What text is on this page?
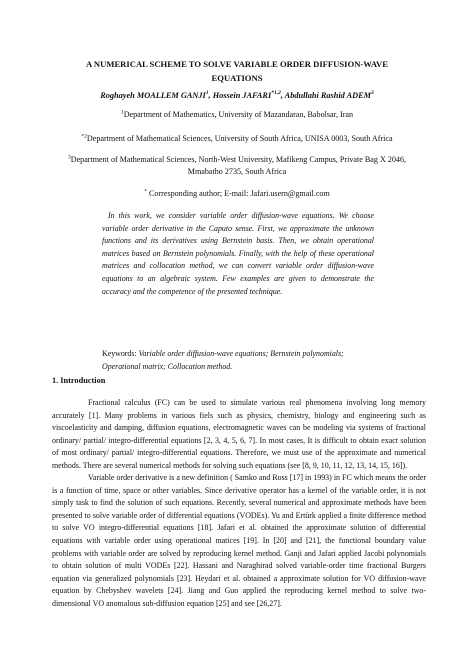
A NUMERICAL SCHEME TO SOLVE VARIABLE ORDER DIFFUSION-WAVE
EQUATIONS
Roghayeh MOALLEM GANJI$^1$, Hossein JAFARI$^{*1,2}$, Abdullahi Rashid ADEM$^3$
$^1$Department of Mathematics, University of Mazandaran, Babolsar, Iran
$^{*2}$Department of Mathematical Sciences, University of South Africa, UNISA 0003, South Africa
$^3$Department of Mathematical Sciences, North-West University, Mafikeng Campus, Private Bag X 2046, Mmabatho 2735, South Africa
* Corresponding author; E-mail: Jafari.usern@gmail.com

In this work, we consider variable order diffusion-wave equations. We choose variable order derivative in the Caputo sense. First, we approximate the unknown functions and its derivatives using Bernstein basis. Then, we obtain operational matrices based on Bernstein polynomials. Finally, with the help of these operational matrices and collocation method, we can convert variable order diffusion-wave equations to an algebraic system. Few examples are given to demonstrate the accuracy and the competence of the presented technique.

Keywords: Variable order diffusion-wave equations; Bernstein polynomials; Operational matrix; Collocation method.
1. Introduction

Fractional calculus (FC) can be used to simulate various real phenomena involving long memory accurately [1]. Many problems in various fiels such as physics, chemistry, biology and engineering such as viscoelasticity and damping, diffusion equations, electromagnetic waves can be modeling via systems of fractional ordinary/ partial/ integro-differential equations [2, 3, 4, 5, 6, 7]. In most cases, It is difficult to obtain exact solution of most ordinary/ partial/ integro-differential equations. Therefore, we must use of the approximate and numerical methods. There are several numerical methods for solving such equations (see [8, 9, 10, 11, 12, 13, 14, 15, 16]).

Variable order derivative is a new definition ( Samko and Ross [17] in 1993) in FC which means the order is a function of time, space or other variables. Since derivative operator has a kernel of the variable order, it is not simply task to find the solution of such equations. Recently, several numerical and approximate methods have been presented to solve variable order of differential equations (VODEs). Yu and Ertürk applied a finite difference method to solve VO integro-differential equations [18]. Jafari et al. obtained the approximate solution of differential equations with variable order using operational matices [19]. In [20] and [21], the functional boundary value problems with variable order are solved by reproducing kernel method. Ganji and Jafari applied Jacobi polynomials to obtain solution of multi VODEs [22]. Hassani and Naraghirad solved variable-order time fractional Burgers equation via generalized polynomials [23]. Heydari et al. obtained a approximate solution for VO diffusion-wave equation by Chebyshev wavelets [24]. Jiang and Guo applied the reproducing kernel method to solve two-dimensional VO anomalous sub-diffusion equation [25] and see [26,27].
